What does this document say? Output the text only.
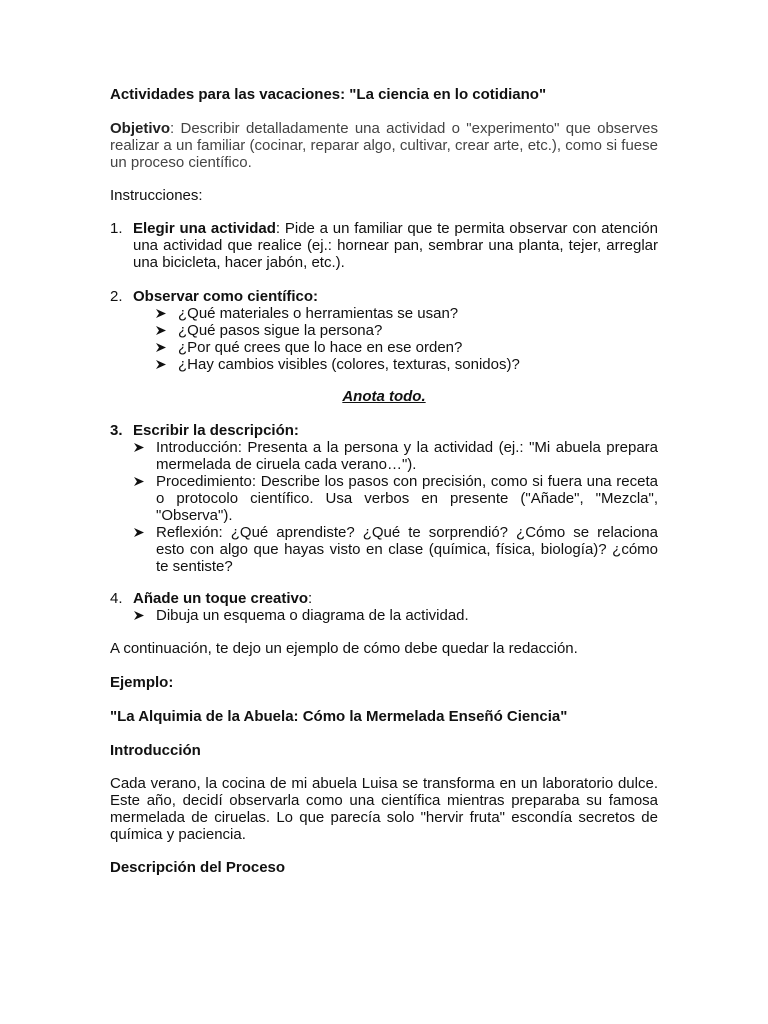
Actividades para las vacaciones: "La ciencia en lo cotidiano"
Objetivo: Describir detalladamente una actividad o "experimento" que observes realizar a un familiar (cocinar, reparar algo, cultivar, crear arte, etc.), como si fuese un proceso científico.
Instrucciones:
1. Elegir una actividad: Pide a un familiar que te permita observar con atención una actividad que realice (ej.: hornear pan, sembrar una planta, tejer, arreglar una bicicleta, hacer jabón, etc.).
2. Observar como científico:
¿Qué materiales o herramientas se usan?
¿Qué pasos sigue la persona?
¿Por qué crees que lo hace en ese orden?
¿Hay cambios visibles (colores, texturas, sonidos)?
Anota todo.
3. Escribir la descripción:
Introducción: Presenta a la persona y la actividad (ej.: "Mi abuela prepara mermelada de ciruela cada verano…").
Procedimiento: Describe los pasos con precisión, como si fuera una receta o protocolo científico. Usa verbos en presente ("Añade", "Mezcla", "Observa").
Reflexión: ¿Qué aprendiste? ¿Qué te sorprendió? ¿Cómo se relaciona esto con algo que hayas visto en clase (química, física, biología)? ¿cómo te sentiste?
4. Añade un toque creativo:
Dibuja un esquema o diagrama de la actividad.
A continuación, te dejo un ejemplo de cómo debe quedar la redacción.
Ejemplo:
"La Alquimia de la Abuela: Cómo la Mermelada Enseñó Ciencia"
Introducción
Cada verano, la cocina de mi abuela Luisa se transforma en un laboratorio dulce. Este año, decidí observarla como una científica mientras preparaba su famosa mermelada de ciruelas. Lo que parecía solo "hervir fruta" escondía secretos de química y paciencia.
Descripción del Proceso
